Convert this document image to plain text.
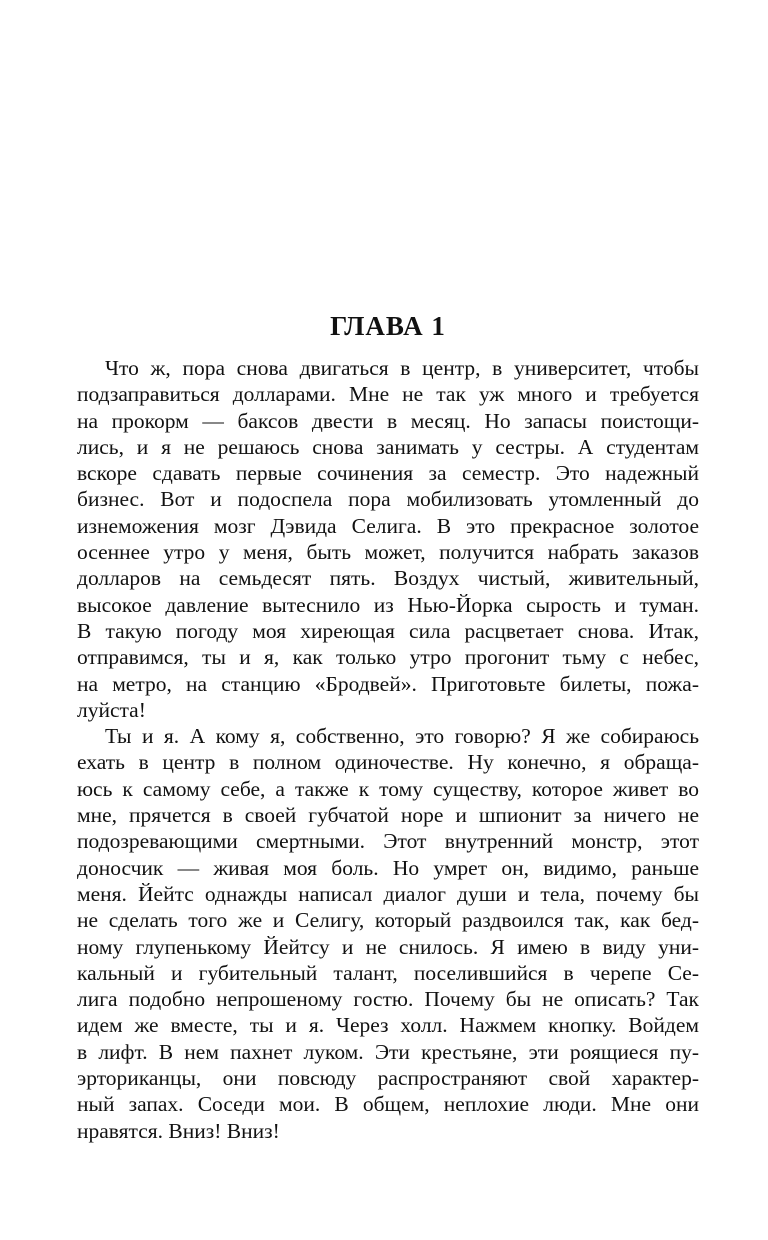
ГЛАВА 1
Что ж, пора снова двигаться в центр, в университет, чтобы
подзаправиться долларами. Мне не так уж много и требуется
на прокорм — баксов двести в месяц. Но запасы поистощи-
лись, и я не решаюсь снова занимать у сестры. А студентам
вскоре сдавать первые сочинения за семестр. Это надежный
бизнес. Вот и подоспела пора мобилизовать утомленный до
изнеможения мозг Дэвида Селига. В это прекрасное золотое
осеннее утро у меня, быть может, получится набрать заказов
долларов на семьдесят пять. Воздух чистый, живительный,
высокое давление вытеснило из Нью-Йорка сырость и туман.
В такую погоду моя хиреющая сила расцветает снова. Итак,
отправимся, ты и я, как только утро прогонит тьму с небес,
на метро, на станцию «Бродвей». Приготовьте билеты, пожа-
луйста!
Ты и я. А кому я, собственно, это говорю? Я же собираюсь
ехать в центр в полном одиночестве. Ну конечно, я обраща-
юсь к самому себе, а также к тому существу, которое живет во
мне, прячется в своей губчатой норе и шпионит за ничего не
подозревающими смертными. Этот внутренний монстр, этот
доносчик — живая моя боль. Но умрет он, видимо, раньше
меня. Йейтс однажды написал диалог души и тела, почему бы
не сделать того же и Селигу, который раздвоился так, как бед-
ному глупенькому Йейтсу и не снилось. Я имею в виду уни-
кальный и губительный талант, поселившийся в черепе Се-
лига подобно непрошеному гостю. Почему бы не описать? Так
идем же вместе, ты и я. Через холл. Нажмем кнопку. Войдем
в лифт. В нем пахнет луком. Эти крестьяне, эти роящиеся пу-
эрториканцы, они повсюду распространяют свой характер-
ный запах. Соседи мои. В общем, неплохие люди. Мне они
нравятся. Вниз! Вниз!
